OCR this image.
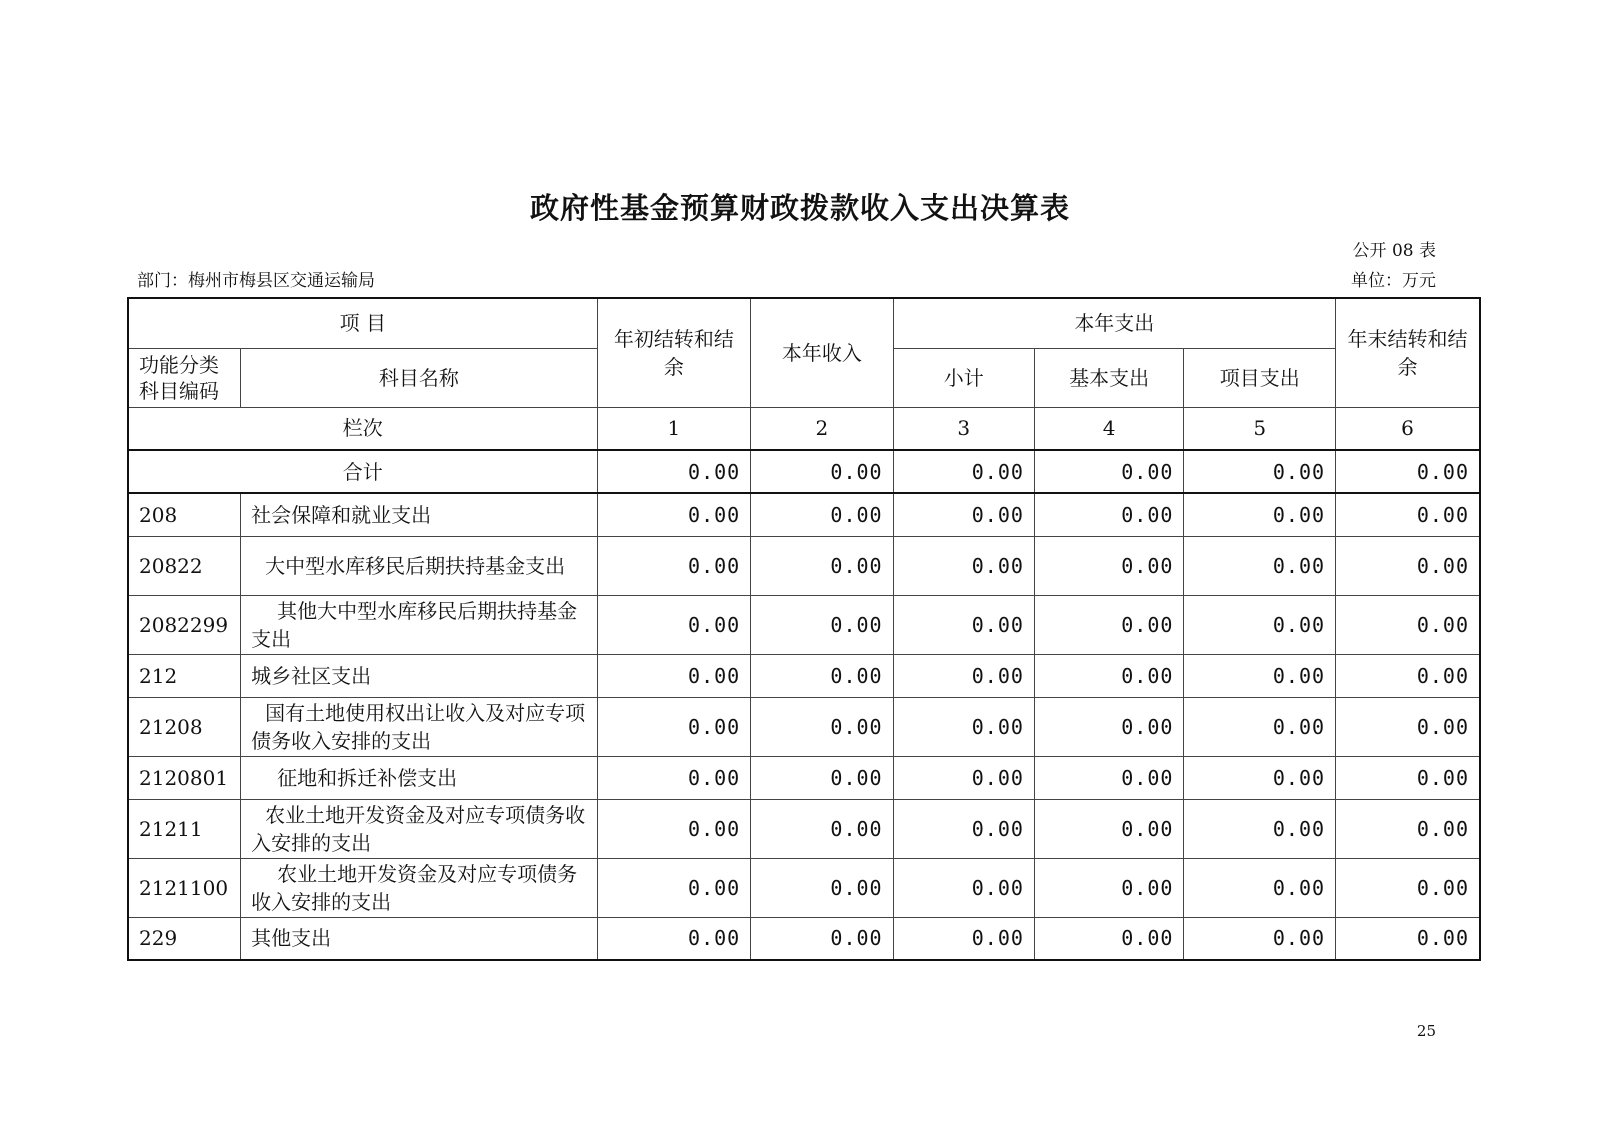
政府性基金预算财政拨款收入支出决算表
公开 08 表
部门：梅州市梅县区交通运输局	单位：万元
项 目		年初结转和结余	本年收入	本年支出			年末结转和结余
功能分类科目编码	科目名称			小计	基本支出	项目支出	
栏次		1	2	3	4	5	6
合计		0.00	0.00	0.00	0.00	0.00	0.00
208	社会保障和就业支出	0.00	0.00	0.00	0.00	0.00	0.00
20822	大中型水库移民后期扶持基金支出	0.00	0.00	0.00	0.00	0.00	0.00
2082299	其他大中型水库移民后期扶持基金支出	0.00	0.00	0.00	0.00	0.00	0.00
212	城乡社区支出	0.00	0.00	0.00	0.00	0.00	0.00
21208	国有土地使用权出让收入及对应专项债务收入安排的支出	0.00	0.00	0.00	0.00	0.00	0.00
2120801	征地和拆迁补偿支出	0.00	0.00	0.00	0.00	0.00	0.00
21211	农业土地开发资金及对应专项债务收入安排的支出	0.00	0.00	0.00	0.00	0.00	0.00
2121100	农业土地开发资金及对应专项债务收入安排的支出	0.00	0.00	0.00	0.00	0.00	0.00
229	其他支出	0.00	0.00	0.00	0.00	0.00	0.00
25
